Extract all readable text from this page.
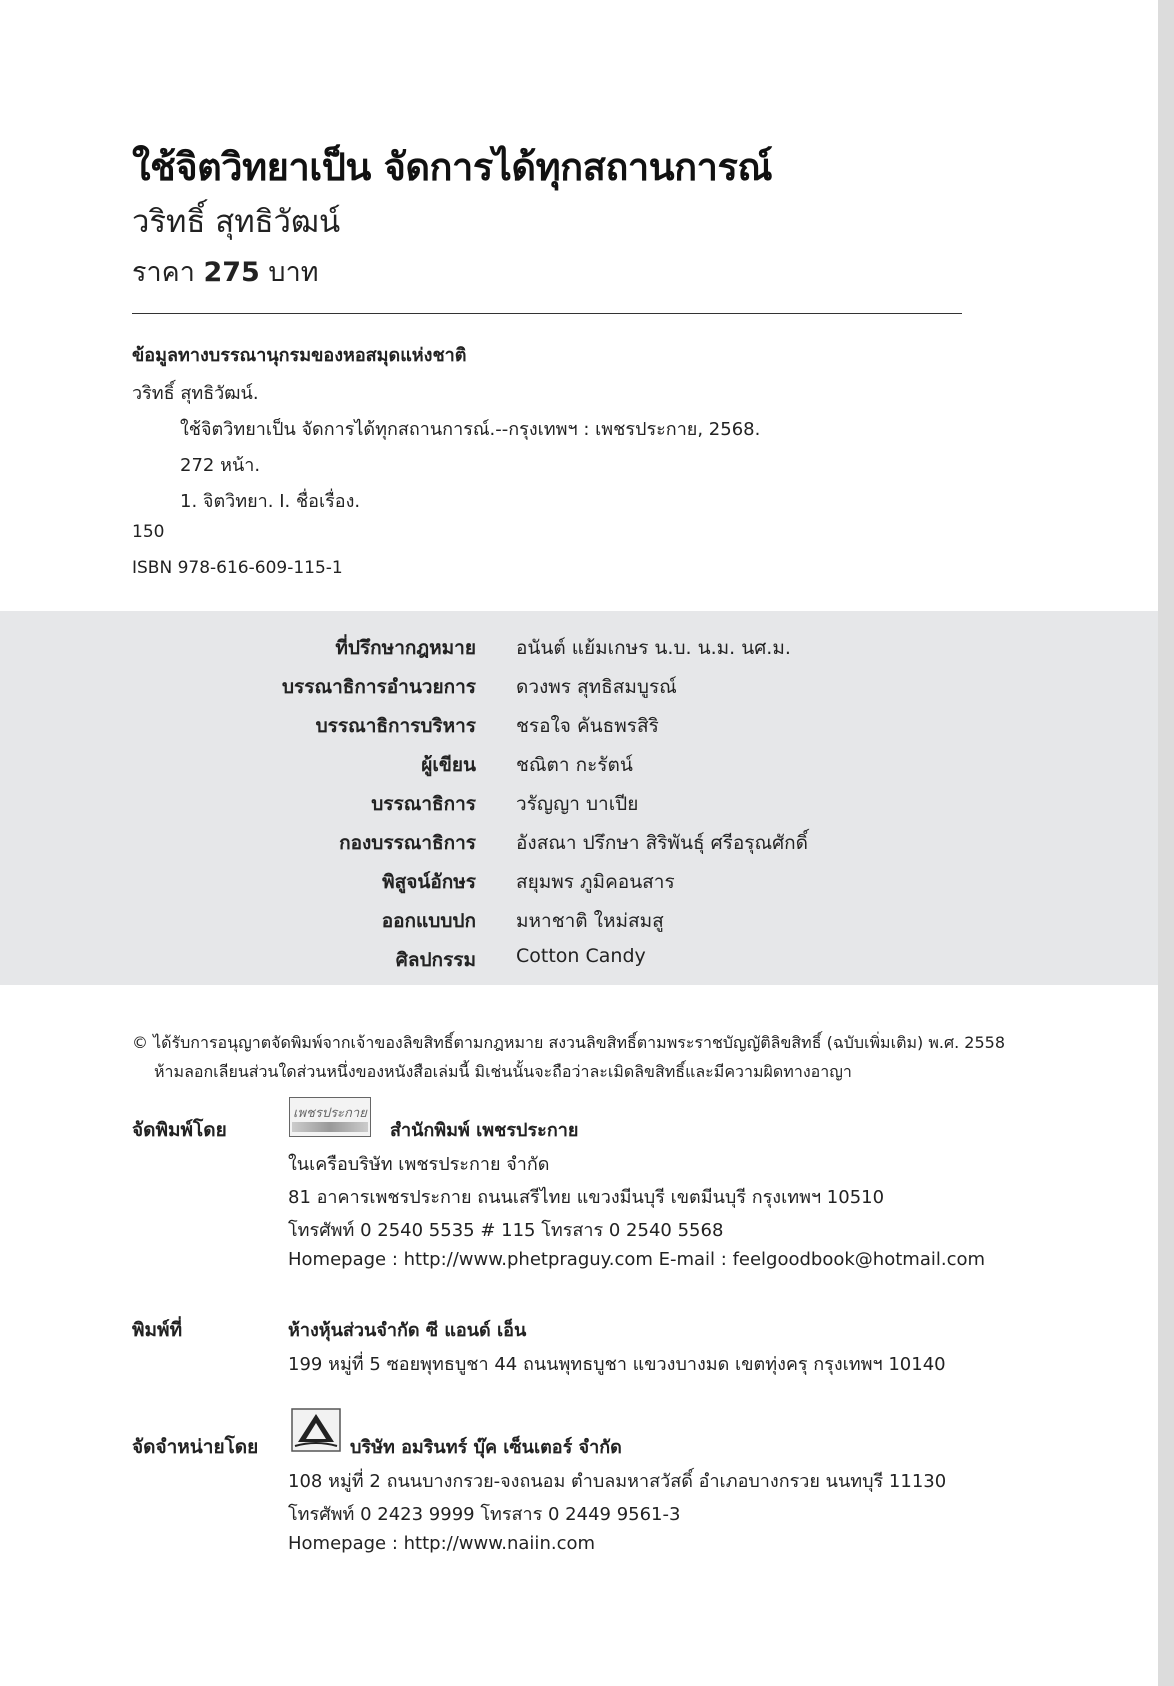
ใช้จิตวิทยาเป็น จัดการได้ทุกสถานการณ์
วริทธิ์ สุทธิวัฒน์
ราคา 275 บาท
ข้อมูลทางบรรณานุกรมของหอสมุดแห่งชาติ
วริทธิ์ สุทธิวัฒน์.
ใช้จิตวิทยาเป็น จัดการได้ทุกสถานการณ์.--กรุงเทพฯ : เพชรประกาย, 2568.
272 หน้า.
1. จิตวิทยา. I. ชื่อเรื่อง.
150
ISBN 978-616-609-115-1
ที่ปรึกษากฎหมาย อนันต์ แย้มเกษร น.บ. น.ม. นศ.ม.
บรรณาธิการอำนวยการ ดวงพร สุทธิสมบูรณ์
บรรณาธิการบริหาร ชรอใจ คันธพรสิริ
ผู้เขียน ชณิตา กะรัตน์
บรรณาธิการ วรัญญา บาเปีย
กองบรรณาธิการ อังสณา ปรึกษา สิริพันธุ์ ศรีอรุณศักดิ์
พิสูจน์อักษร สยุมพร ภูมิคอนสาร
ออกแบบปก มหาชาติ ใหม่สมสู
ศิลปกรรม Cotton Candy
© ได้รับการอนุญาตจัดพิมพ์จากเจ้าของลิขสิทธิ์ตามกฎหมาย สงวนลิขสิทธิ์ตามพระราชบัญญัติลิขสิทธิ์ (ฉบับเพิ่มเติม) พ.ศ. 2558
ห้ามลอกเลียนส่วนใดส่วนหนึ่งของหนังสือเล่มนี้ มิเช่นนั้นจะถือว่าละเมิดลิขสิทธิ์และมีความผิดทางอาญา
จัดพิมพ์โดย
เพชรประกาย
สำนักพิมพ์ เพชรประกาย
ในเครือบริษัท เพชรประกาย จำกัด
81 อาคารเพชรประกาย ถนนเสรีไทย แขวงมีนบุรี เขตมีนบุรี กรุงเทพฯ 10510
โทรศัพท์ 0 2540 5535 # 115 โทรสาร 0 2540 5568
Homepage : http://www.phetpraguy.com E-mail : feelgoodbook@hotmail.com
พิมพ์ที่	ห้างหุ้นส่วนจำกัด ซี แอนด์ เอ็น
199 หมู่ที่ 5 ซอยพุทธบูชา 44 ถนนพุทธบูชา แขวงบางมด เขตทุ่งครุ กรุงเทพฯ 10140
จัดจำหน่ายโดย	บริษัท อมรินทร์ บุ๊ค เซ็นเตอร์ จำกัด
108 หมู่ที่ 2 ถนนบางกรวย-จงถนอม ตำบลมหาสวัสดิ์ อำเภอบางกรวย นนทบุรี 11130
โทรศัพท์ 0 2423 9999 โทรสาร 0 2449 9561-3
Homepage : http://www.naiin.com
